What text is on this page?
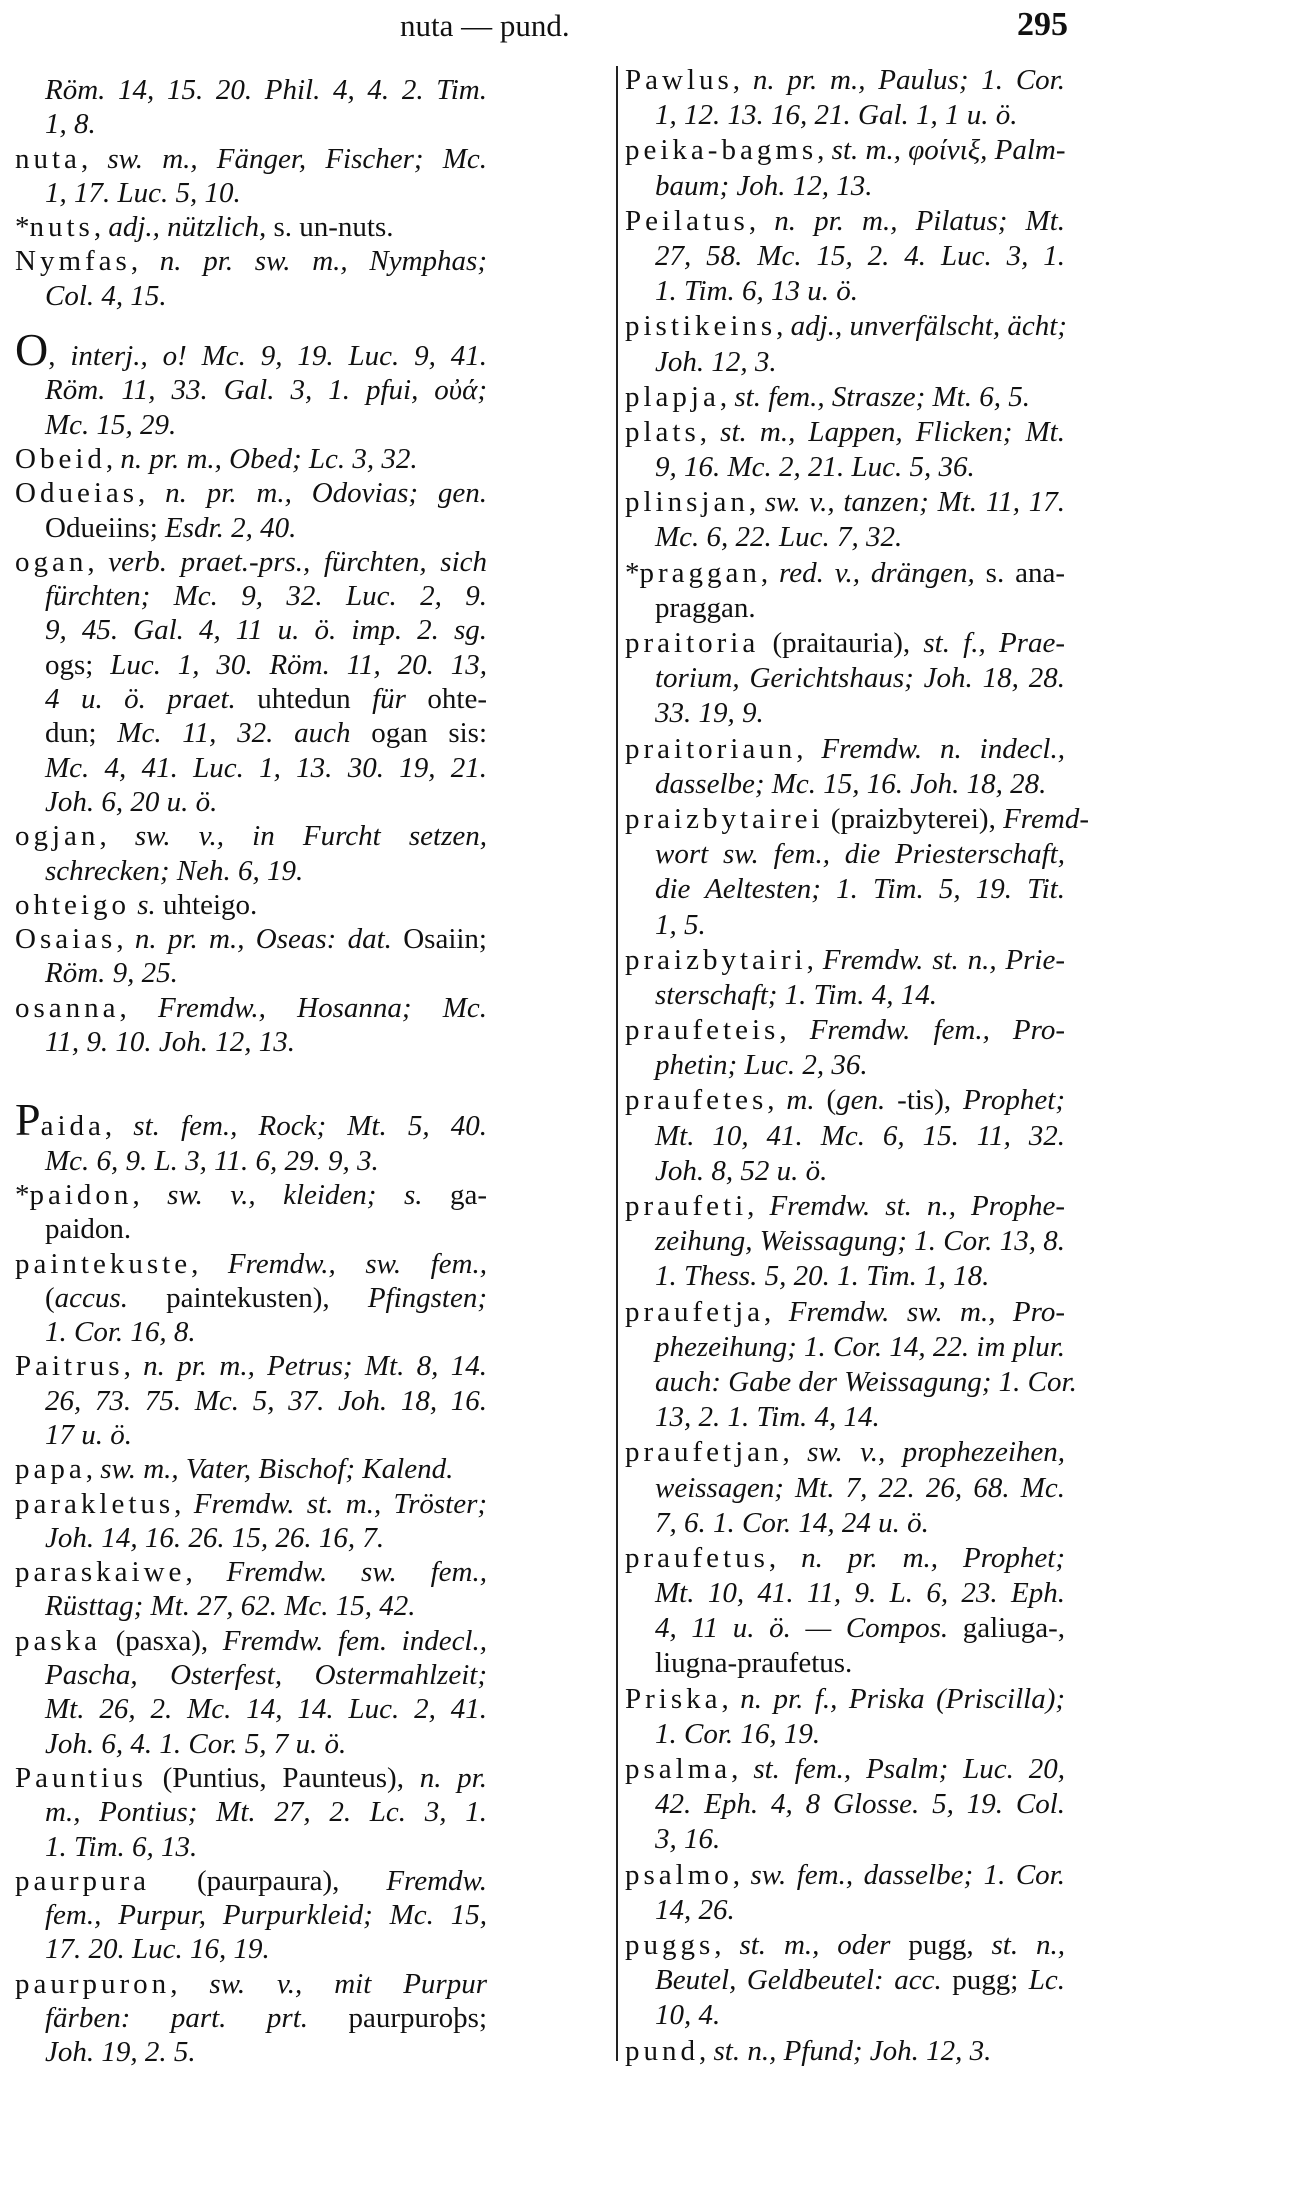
nuta — pund.	295
Röm. 14, 15. 20. Phil. 4, 4. 2. Tim.
1, 8.
nuta, sw. m., Fänger, Fischer; Mc.
1, 17. Luc. 5, 10.
*nuts, adj., nützlich, s. un-nuts.
Nymfas, n. pr. sw. m., Nymphas;
Col. 4, 15.
O, interj., o! Mc. 9, 19. Luc. 9, 41.
Röm. 11, 33. Gal. 3, 1. pfui, οὐά;
Mc. 15, 29.
Obeid, n. pr. m., Obed; Lc. 3, 32.
Odueias, n. pr. m., Odovias; gen.
Odueiins; Esdr. 2, 40.
ogan, verb. praet.-prs., fürchten, sich
fürchten; Mc. 9, 32. Luc. 2, 9.
9, 45. Gal. 4, 11 u. ö. imp. 2. sg.
ogs; Luc. 1, 30. Röm. 11, 20. 13,
4 u. ö. praet. uhtedun für ohte-
dun; Mc. 11, 32. auch ogan sis:
Mc. 4, 41. Luc. 1, 13. 30. 19, 21.
Joh. 6, 20 u. ö.
ogjan, sw. v., in Furcht setzen,
schrecken; Neh. 6, 19.
ohteigo s. uhteigo.
Osaias, n. pr. m., Oseas: dat. Osaiin;
Röm. 9, 25.
osanna, Fremdw., Hosanna; Mc.
11, 9. 10. Joh. 12, 13.
Paida, st. fem., Rock; Mt. 5, 40.
Mc. 6, 9. L. 3, 11. 6, 29. 9, 3.
*paidon, sw. v., kleiden; s. ga-
paidon.
paintekuste, Fremdw., sw. fem.,
(accus. paintekusten), Pfingsten;
1. Cor. 16, 8.
Paitrus, n. pr. m., Petrus; Mt. 8, 14.
26, 73. 75. Mc. 5, 37. Joh. 18, 16.
17 u. ö.
papa, sw. m., Vater, Bischof; Kalend.
parakletus, Fremdw. st. m., Tröster;
Joh. 14, 16. 26. 15, 26. 16, 7.
paraskaiwe, Fremdw. sw. fem.,
Rüsttag; Mt. 27, 62. Mc. 15, 42.
paska (pasxa), Fremdw. fem. indecl.,
Pascha, Osterfest, Ostermahlzeit;
Mt. 26, 2. Mc. 14, 14. Luc. 2, 41.
Joh. 6, 4. 1. Cor. 5, 7 u. ö.
Pauntius (Puntius, Paunteus), n. pr.
m., Pontius; Mt. 27, 2. Lc. 3, 1.
1. Tim. 6, 13.
paurpura (paurpaura), Fremdw.
fem., Purpur, Purpurkleid; Mc. 15,
17. 20. Luc. 16, 19.
paurpuron, sw. v., mit Purpur
färben: part. prt. paurpuroþs;
Joh. 19, 2. 5.
Pawlus, n. pr. m., Paulus; 1. Cor.
1, 12. 13. 16, 21. Gal. 1, 1 u. ö.
peika-bagms, st. m., φοίνιξ, Palm-
baum; Joh. 12, 13.
Peilatus, n. pr. m., Pilatus; Mt.
27, 58. Mc. 15, 2. 4. Luc. 3, 1.
1. Tim. 6, 13 u. ö.
pistikeins, adj., unverfälscht, ächt;
Joh. 12, 3.
plapja, st. fem., Strasze; Mt. 6, 5.
plats, st. m., Lappen, Flicken; Mt.
9, 16. Mc. 2, 21. Luc. 5, 36.
plinsjan, sw. v., tanzen; Mt. 11, 17.
Mc. 6, 22. Luc. 7, 32.
*praggan, red. v., drängen, s. ana-
praggan.
praitoria (praitauria), st. f., Prae-
torium, Gerichtshaus; Joh. 18, 28.
33. 19, 9.
praitoriaun, Fremdw. n. indecl.,
dasselbe; Mc. 15, 16. Joh. 18, 28.
praizbytairei (praizbyterei), Fremd-
wort sw. fem., die Priesterschaft,
die Aeltesten; 1. Tim. 5, 19. Tit.
1, 5.
praizbytairi, Fremdw. st. n., Prie-
sterschaft; 1. Tim. 4, 14.
praufeteis, Fremdw. fem., Pro-
phetin; Luc. 2, 36.
praufetes, m. (gen. -tis), Prophet;
Mt. 10, 41. Mc. 6, 15. 11, 32.
Joh. 8, 52 u. ö.
praufeti, Fremdw. st. n., Prophe-
zeihung, Weissagung; 1. Cor. 13, 8.
1. Thess. 5, 20. 1. Tim. 1, 18.
praufetja, Fremdw. sw. m., Pro-
phezeihung; 1. Cor. 14, 22. im plur.
auch: Gabe der Weissagung; 1. Cor.
13, 2. 1. Tim. 4, 14.
praufetjan, sw. v., prophezeihen,
weissagen; Mt. 7, 22. 26, 68. Mc.
7, 6. 1. Cor. 14, 24 u. ö.
praufetus, n. pr. m., Prophet;
Mt. 10, 41. 11, 9. L. 6, 23. Eph.
4, 11 u. ö. — Compos. galiuga-,
liugna-praufetus.
Priska, n. pr. f., Priska (Priscilla);
1. Cor. 16, 19.
psalma, st. fem., Psalm; Luc. 20,
42. Eph. 4, 8 Glosse. 5, 19. Col.
3, 16.
psalmo, sw. fem., dasselbe; 1. Cor.
14, 26.
puggs, st. m., oder pugg, st. n.,
Beutel, Geldbeutel: acc. pugg; Lc.
10, 4.
pund, st. n., Pfund; Joh. 12, 3.
